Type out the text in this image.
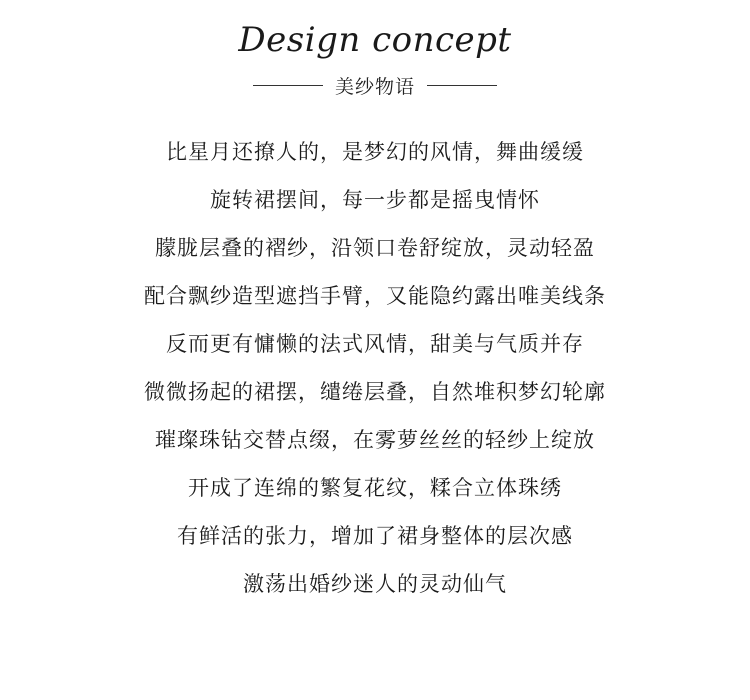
Design concept
美纱物语
比星月还撩人的，是梦幻的风情，舞曲缓缓
旋转裙摆间，每一步都是摇曳情怀
朦胧层叠的褶纱，沿领口卷舒绽放，灵动轻盈
配合飘纱造型遮挡手臂，又能隐约露出唯美线条
反而更有慵懒的法式风情，甜美与气质并存
微微扬起的裙摆，缱绻层叠，自然堆积梦幻轮廓
璀璨珠钻交替点缀，在雾萝丝丝的轻纱上绽放
开成了连绵的繁复花纹，糅合立体珠绣
有鲜活的张力，增加了裙身整体的层次感
激荡出婚纱迷人的灵动仙气
